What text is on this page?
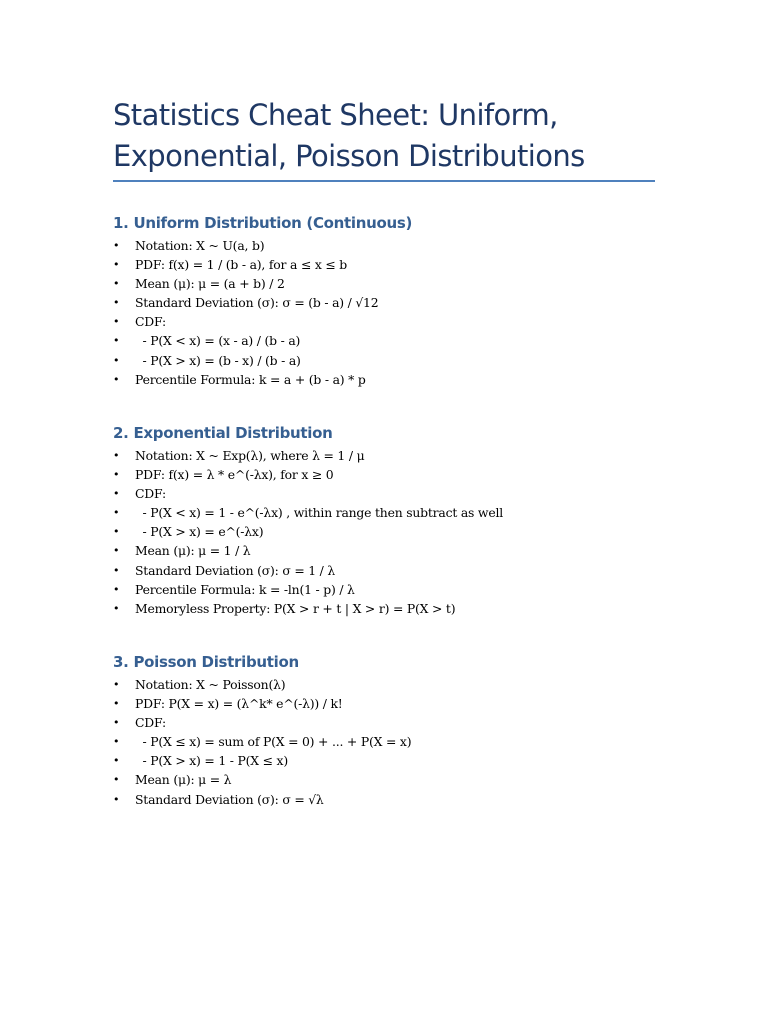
Statistics Cheat Sheet: Uniform, Exponential, Poisson Distributions
1. Uniform Distribution (Continuous)
• Notation: X ~ U(a, b)
• PDF: f(x) = 1 / (b - a), for a ≤ x ≤ b
• Mean (μ): μ = (a + b) / 2
• Standard Deviation (σ): σ = (b - a) / √12
• CDF:
• - P(X < x) = (x - a) / (b - a)
• - P(X > x) = (b - x) / (b - a)
• Percentile Formula: k = a + (b - a) * p
2. Exponential Distribution
• Notation: X ~ Exp(λ), where λ = 1 / μ
• PDF: f(x) = λ * e^(-λx), for x ≥ 0
• CDF:
• - P(X < x) = 1 - e^(-λx) , within range then subtract as well
• - P(X > x) = e^(-λx)
• Mean (μ): μ = 1 / λ
• Standard Deviation (σ): σ = 1 / λ
• Percentile Formula: k = -ln(1 - p) / λ
• Memoryless Property: P(X > r + t | X > r) = P(X > t)
3. Poisson Distribution
• Notation: X ~ Poisson(λ)
• PDF: P(X = x) = (λ^k* e^(-λ)) / k!
• CDF:
• - P(X ≤ x) = sum of P(X = 0) + ... + P(X = x)
• - P(X > x) = 1 - P(X ≤ x)
• Mean (μ): μ = λ
• Standard Deviation (σ): σ = √λ
